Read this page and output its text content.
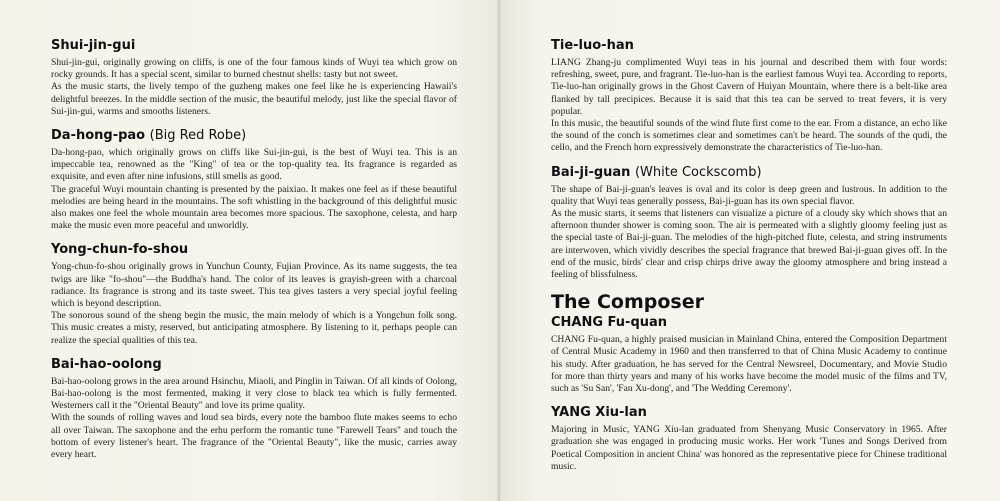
Shui-jin-gui

Shui-jin-gui, originally growing on cliffs, is one of the four famous kinds of Wuyi tea which grow on rocky grounds. It has a special scent, similar to burned chestnut shells: tasty but not sweet.

As the music starts, the lively tempo of the guzheng makes one feel like he is experiencing Hawaii's delightful breezes. In the middle section of the music, the beautiful melody, just like the special flavor of Sui-jin-gui, warms and smooths listeners.

Da-hong-pao (Big Red Robe)

Da-hong-pao, which originally grows on cliffs like Sui-jin-gui, is the best of Wuyi tea. This is an impeccable tea, renowned as the "King" of tea or the top-quality tea. Its fragrance is regarded as exquisite, and even after nine infusions, still smells as good.

The graceful Wuyi mountain chanting is presented by the paixiao. It makes one feel as if these beautiful melodies are being heard in the mountains. The soft whistling in the background of this delightful music also makes one feel the whole mountain area becomes more spacious. The saxophone, celesta, and harp make the music even more peaceful and unworldly.

Yong-chun-fo-shou

Yong-chun-fo-shou originally grows in Yunchun County, Fujian Province. As its name suggests, the tea twigs are like "fo-shou"—the Buddha's hand. The color of its leaves is grayish-green with a charcoal radiance. Its fragrance is strong and its taste sweet. This tea gives tasters a very special joyful feeling which is beyond description.

The sonorous sound of the sheng begin the music, the main melody of which is a Yongchun folk song. This music creates a misty, reserved, but anticipating atmosphere. By listening to it, perhaps people can realize the special qualities of this tea.

Bai-hao-oolong

Bai-hao-oolong grows in the area around Hsinchu, Miaoli, and Pinglin in Taiwan. Of all kinds of Oolong, Bai-hao-oolong is the most fermented, making it very close to black tea which is fully fermented. Westerners call it the "Oriental Beauty" and love its prime quality.

With the sounds of rolling waves and loud sea birds, every note the bamboo flute makes seems to echo all over Taiwan. The saxophone and the erhu perform the romantic tune "Farewell Tears" and touch the bottom of every listener's heart. The fragrance of the "Oriental Beauty", like the music, carries away every heart.

Tie-luo-han

LIANG Zhang-ju complimented Wuyi teas in his journal and described them with four words: refreshing, sweet, pure, and fragrant. Tie-luo-han is the earliest famous Wuyi tea. According to reports, Tie-luo-han originally grows in the Ghost Cavern of Huiyan Mountain, where there is a belt-like area flanked by tall precipices. Because it is said that this tea can be served to treat fevers, it is very popular.

In this music, the beautiful sounds of the wind flute first come to the ear. From a distance, an echo like the sound of the conch is sometimes clear and sometimes can't be heard. The sounds of the qudi, the cello, and the French horn expressively demonstrate the characteristics of Tie-luo-han.

Bai-ji-guan (White Cockscomb)

The shape of Bai-ji-guan's leaves is oval and its color is deep green and lustrous. In addition to the quality that Wuyi teas generally possess, Bai-ji-guan has its own special flavor.

As the music starts, it seems that listeners can visualize a picture of a cloudy sky which shows that an afternoon thunder shower is coming soon. The air is permeated with a slightly gloomy feeling just as the special taste of Bai-ji-guan. The melodies of the high-pitched flute, celesta, and string instruments are interwoven, which vividly describes the special fragrance that brewed Bai-ji-guan gives off. In the end of the music, birds' clear and crisp chirps drive away the gloomy atmosphere and bring instead a feeling of blissfulness.

The Composer
CHANG Fu-quan

CHANG Fu-quan, a highly praised musician in Mainland China, entered the Composition Department of Central Music Academy in 1960 and then transferred to that of China Music Academy to continue his study. After graduation, he has served for the Central Newsreel, Documentary, and Movie Studio for more than thirty years and many of his works have become the model music of the films and TV, such as 'Su San', 'Fan Xu-dong', and 'The Wedding Ceremony'.

YANG Xiu-lan

Majoring in Music, YANG Xiu-lan graduated from Shenyang Music Conservatory in 1965. After graduation she was engaged in producing music works. Her work 'Tunes and Songs Derived from Poetical Composition in ancient China' was honored as the representative piece for Chinese traditional music.
